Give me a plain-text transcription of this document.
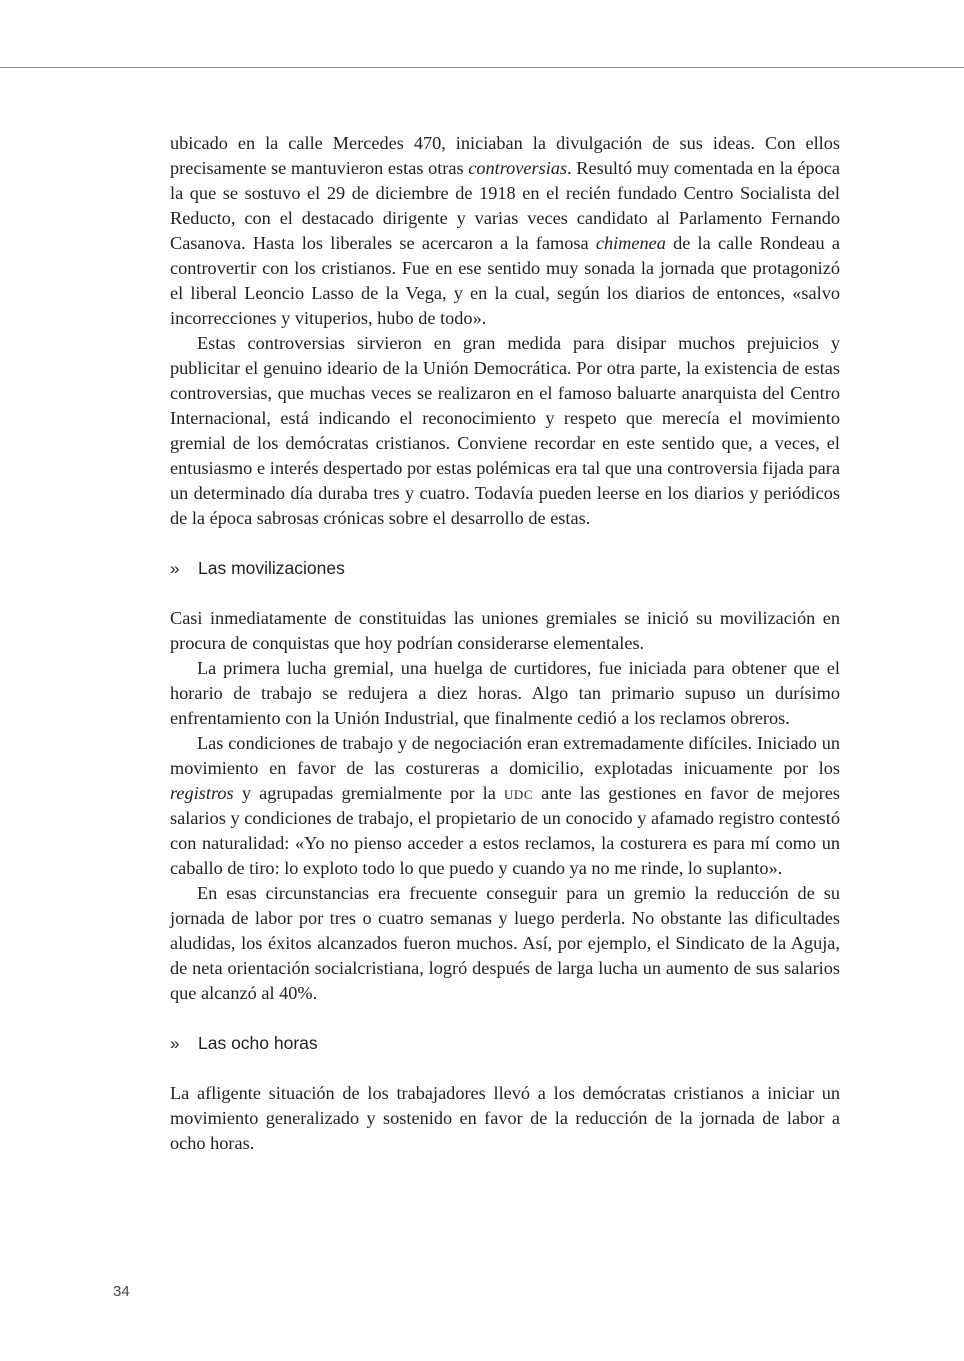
ubicado en la calle Mercedes 470, iniciaban la divulgación de sus ideas. Con ellos precisamente se mantuvieron estas otras controversias. Resultó muy comentada en la época la que se sostuvo el 29 de diciembre de 1918 en el recién fundado Centro Socialista del Reducto, con el destacado dirigente y varias veces candidato al Parlamento Fernando Casanova. Hasta los liberales se acercaron a la famosa chimenea de la calle Rondeau a controvertir con los cristianos. Fue en ese sentido muy sonada la jornada que protagonizó el liberal Leoncio Lasso de la Vega, y en la cual, según los diarios de entonces, «salvo incorrecciones y vituperios, hubo de todo».

Estas controversias sirvieron en gran medida para disipar muchos prejuicios y publicitar el genuino ideario de la Unión Democrática. Por otra parte, la existencia de estas controversias, que muchas veces se realizaron en el famoso baluarte anarquista del Centro Internacional, está indicando el reconocimiento y respeto que merecía el movimiento gremial de los demócratas cristianos. Conviene recordar en este sentido que, a veces, el entusiasmo e interés despertado por estas polémicas era tal que una controversia fijada para un determinado día duraba tres y cuatro. Todavía pueden leerse en los diarios y periódicos de la época sabrosas crónicas sobre el desarrollo de estas.

»	Las movilizaciones

Casi inmediatamente de constituidas las uniones gremiales se inició su movilización en procura de conquistas que hoy podrían considerarse elementales.

La primera lucha gremial, una huelga de curtidores, fue iniciada para obtener que el horario de trabajo se redujera a diez horas. Algo tan primario supuso un durísimo enfrentamiento con la Unión Industrial, que finalmente cedió a los reclamos obreros.

Las condiciones de trabajo y de negociación eran extremadamente difíciles. Iniciado un movimiento en favor de las costureras a domicilio, explotadas inicuamente por los registros y agrupadas gremialmente por la udc ante las gestiones en favor de mejores salarios y condiciones de trabajo, el propietario de un conocido y afamado registro contestó con naturalidad: «Yo no pienso acceder a estos reclamos, la costurera es para mí como un caballo de tiro: lo exploto todo lo que puedo y cuando ya no me rinde, lo suplanto».

En esas circunstancias era frecuente conseguir para un gremio la reducción de su jornada de labor por tres o cuatro semanas y luego perderla. No obstante las dificultades aludidas, los éxitos alcanzados fueron muchos. Así, por ejemplo, el Sindicato de la Aguja, de neta orientación socialcristiana, logró después de larga lucha un aumento de sus salarios que alcanzó al 40%.

»	Las ocho horas

La afligente situación de los trabajadores llevó a los demócratas cristianos a iniciar un movimiento generalizado y sostenido en favor de la reducción de la jornada de labor a ocho horas.

34
